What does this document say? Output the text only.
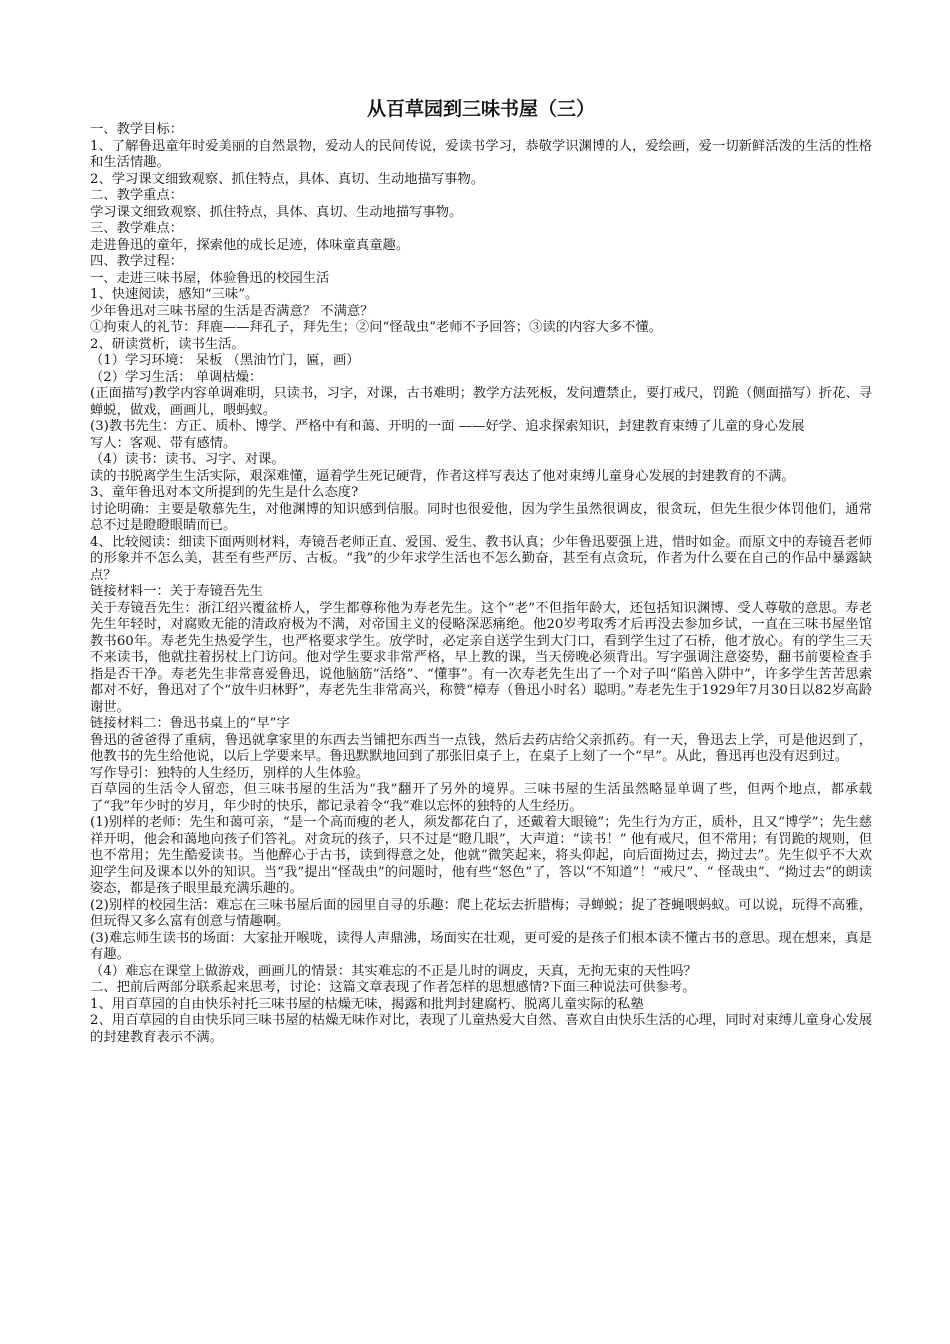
从百草园到三味书屋（三）

一、教学目标：

1、了解鲁迅童年时爱美丽的自然景物，爱动人的民间传说，爱读书学习，恭敬学识渊博的人，爱绘画，爱一切新鲜活泼的生活的性格和生活情趣。

2、学习课文细致观察、抓住特点，具体、真切、生动地描写事物。

二、教学重点：

学习课文细致观察、抓住特点，具体、真切、生动地描写事物。

三、教学难点：

走进鲁迅的童年，探索他的成长足迹，体味童真童趣。

四、教学过程：

一、走进三味书屋，体验鲁迅的校园生活

1、快速阅读，感知“三味”。

少年鲁迅对三味书屋的生活是否满意？ 不满意？

①拘束人的礼节：拜鹿——拜孔子，拜先生；②问“怪哉虫”老师不予回答；③读的内容大多不懂。

2、研读赏析，读书生活。

（1）学习环境： 呆板 （黑油竹门，匾，画）

（2）学习生活： 单调枯燥：

(正面描写)教学内容单调难明，只读书，习字，对课，古书难明；教学方法死板，发问遭禁止，要打戒尺，罚跪（侧面描写）折花、寻蝉蜕，做戏，画画儿，喂蚂蚁。

(3)教书先生：方正、质朴、博学、严格中有和蔼、开明的一面 ——好学、追求探索知识，封建教育束缚了儿童的身心发展

写人：客观、带有感情。

（4）读书：读书、习字、对课。

读的书脱离学生生活实际，艰深难懂，逼着学生死记硬背，作者这样写表达了他对束缚儿童身心发展的封建教育的不满。

3、童年鲁迅对本文所提到的先生是什么态度?

讨论明确：主要是敬慕先生，对他渊博的知识感到信服。同时也很爱他，因为学生虽然很调皮，很贪玩，但先生很少体罚他们，通常总不过是瞪瞪眼睛而已。

4、比较阅读：细读下面两则材料，寿镜吾老师正直、爱国、爱生、教书认真；少年鲁迅要强上进，惜时如金。而原文中的寿镜吾老师的形象并不怎么美，甚至有些严厉、古板。“我”的少年求学生活也不怎么勤奋，甚至有点贪玩，作者为什么要在自己的作品中暴露缺点？

链接材料一：关于寿镜吾先生

关于寿镜吾先生：浙江绍兴覆盆桥人，学生都尊称他为寿老先生。这个“老”不但指年龄大，还包括知识渊博、受人尊敬的意思。寿老先生年轻时，对腐败无能的清政府极为不满，对帝国主义的侵略深恶痛绝。他20岁考取秀才后再没去参加乡试，一直在三味书屋坐馆教书60年。寿老先生热爱学生，也严格要求学生。放学时，必定亲自送学生到大门口，看到学生过了石桥，他才放心。有的学生三天不来读书，他就拄着拐杖上门访问。他对学生要求非常严格，早上教的课，当天傍晚必须背出。写字强调注意姿势，翻书前要检查手指是否干净。寿老先生非常喜爱鲁迅，说他脑筋“活络”、“懂事”。有一次寿老先生出了一个对子叫“陷兽入阱中”，许多学生苦苦思索都对不好，鲁迅对了个“放牛归林野”，寿老先生非常高兴，称赞“樟寿（鲁迅小时名）聪明。”寿老先生于1929年7月30日以82岁高龄谢世。

链接材料二：鲁迅书桌上的“早”字

鲁迅的爸爸得了重病，鲁迅就拿家里的东西去当铺把东西当一点钱，然后去药店给父亲抓药。有一天，鲁迅去上学，可是他迟到了，他教书的先生给他说，以后上学要来早。鲁迅默默地回到了那张旧桌子上，在桌子上刻了一个“早”。从此，鲁迅再也没有迟到过。

写作导引：独特的人生经历，别样的人生体验。

百草园的生活令人留恋，但三味书屋的生活为“我”翻开了另外的境界。三味书屋的生活虽然略显单调了些，但两个地点，都承载了“我”年少时的岁月，年少时的快乐，都记录着令“我”难以忘怀的独特的人生经历。

(1)别样的老师：先生和蔼可亲，“是一个高而瘦的老人，须发都花白了，还戴着大眼镜”；先生行为方正，质朴，且又“博学”；先生慈祥开明，他会和蔼地向孩子们答礼。对贪玩的孩子，只不过是“瞪几眼”，大声道：“读书！” 他有戒尺，但不常用；有罚跪的规则，但也不常用；先生酷爱读书。当他醉心于古书，读到得意之处，他就“微笑起来，将头仰起，向后面拗过去，拗过去”。先生似乎不大欢迎学生问及课本以外的知识。当“我”提出“怪哉虫”的问题时，他有些“怒色”了，答以“不知道”！“戒尺”、“ 怪哉虫”、“拗过去”的朗读姿态，都是孩子眼里最充满乐趣的。

(2)别样的校园生活：难忘在三味书屋后面的园里自寻的乐趣：爬上花坛去折腊梅；寻蝉蜕；捉了苍蝇喂蚂蚁。可以说，玩得不高雅，但玩得又多么富有创意与情趣啊。

(3)难忘师生读书的场面：大家扯开喉咙，读得人声鼎沸，场面实在壮观，更可爱的是孩子们根本读不懂古书的意思。现在想来，真是有趣。

（4）难忘在课堂上做游戏，画画儿的情景：其实难忘的不正是儿时的调皮，天真，无拘无束的天性吗？

二、把前后两部分联系起来思考，讨论：这篇文章表现了作者怎样的思想感情?下面三种说法可供参考。

1、用百草园的自由快乐衬托三味书屋的枯燥无味，揭露和批判封建腐朽、脱离儿童实际的私塾

2、用百草园的自由快乐同三味书屋的枯燥无味作对比，表现了儿童热爱大自然、喜欢自由快乐生活的心理，同时对束缚儿童身心发展的封建教育表示不满。
